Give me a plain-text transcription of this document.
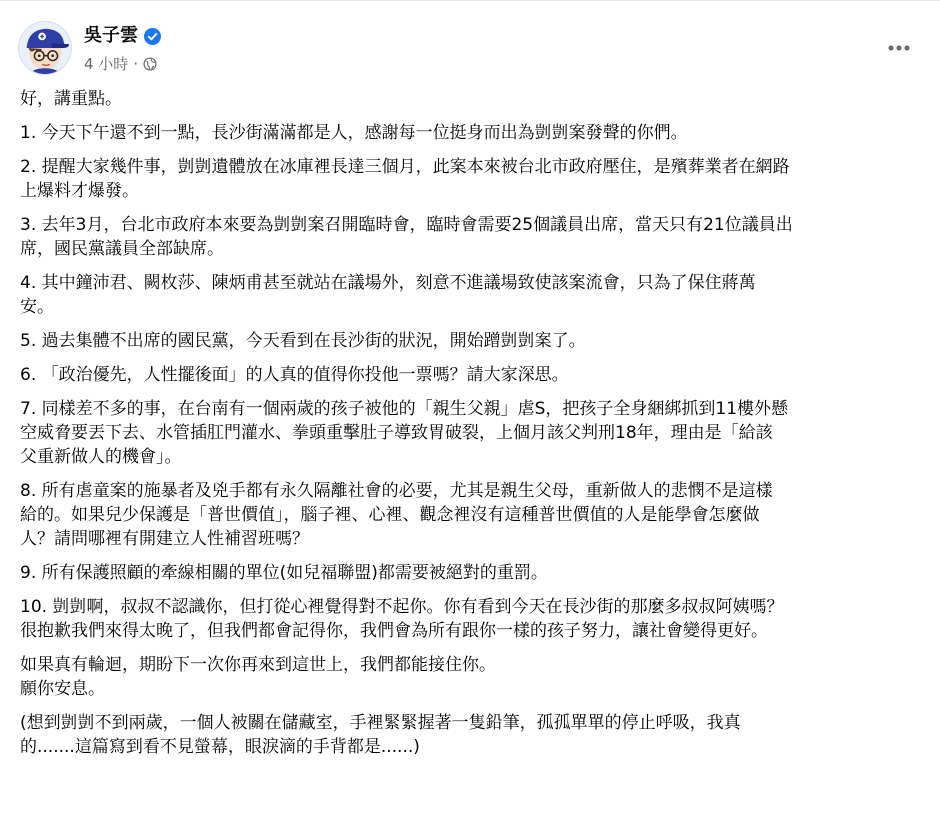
吳子雲
4 小時 ·
好，講重點。
1. 今天下午還不到一點，長沙街滿滿都是人，感謝每一位挺身而出為剴剴案發聲的你們。
2. 提醒大家幾件事，剴剴遺體放在冰庫裡長達三個月，此案本來被台北市政府壓住，是殯葬業者在網路
上爆料才爆發。
3. 去年3月，台北市政府本來要為剴剴案召開臨時會，臨時會需要25個議員出席，當天只有21位議員出
席，國民黨議員全部缺席。
4. 其中鐘沛君、闕枚莎、陳炳甫甚至就站在議場外，刻意不進議場致使該案流會，只為了保住蔣萬
安。
5. 過去集體不出席的國民黨，今天看到在長沙街的狀況，開始蹭剴剴案了。
6. 「政治優先，人性擺後面」的人真的值得你投他一票嗎？請大家深思。
7. 同樣差不多的事，在台南有一個兩歲的孩子被他的「親生父親」虐S，把孩子全身綑綁抓到11樓外懸
空威脅要丟下去、水管插肛門灌水、拳頭重擊肚子導致胃破裂，上個月該父判刑18年，理由是「給該
父重新做人的機會」。
8. 所有虐童案的施暴者及兇手都有永久隔離社會的必要，尤其是親生父母，重新做人的悲憫不是這樣
給的。如果兒少保護是「普世價值」，腦子裡、心裡、觀念裡沒有這種普世價值的人是能學會怎麼做
人？請問哪裡有開建立人性補習班嗎？
9. 所有保護照顧的牽線相關的單位(如兒福聯盟)都需要被絕對的重罰。
10. 剴剴啊，叔叔不認識你，但打從心裡覺得對不起你。你有看到今天在長沙街的那麼多叔叔阿姨嗎？
很抱歉我們來得太晚了，但我們都會記得你，我們會為所有跟你一樣的孩子努力，讓社會變得更好。
如果真有輪迴，期盼下一次你再來到這世上，我們都能接住你。
願你安息。
(想到剴剴不到兩歲，一個人被關在儲藏室，手裡緊緊握著一隻鉛筆，孤孤單單的停止呼吸，我真
的.......這篇寫到看不見螢幕，眼淚滴的手背都是......)
